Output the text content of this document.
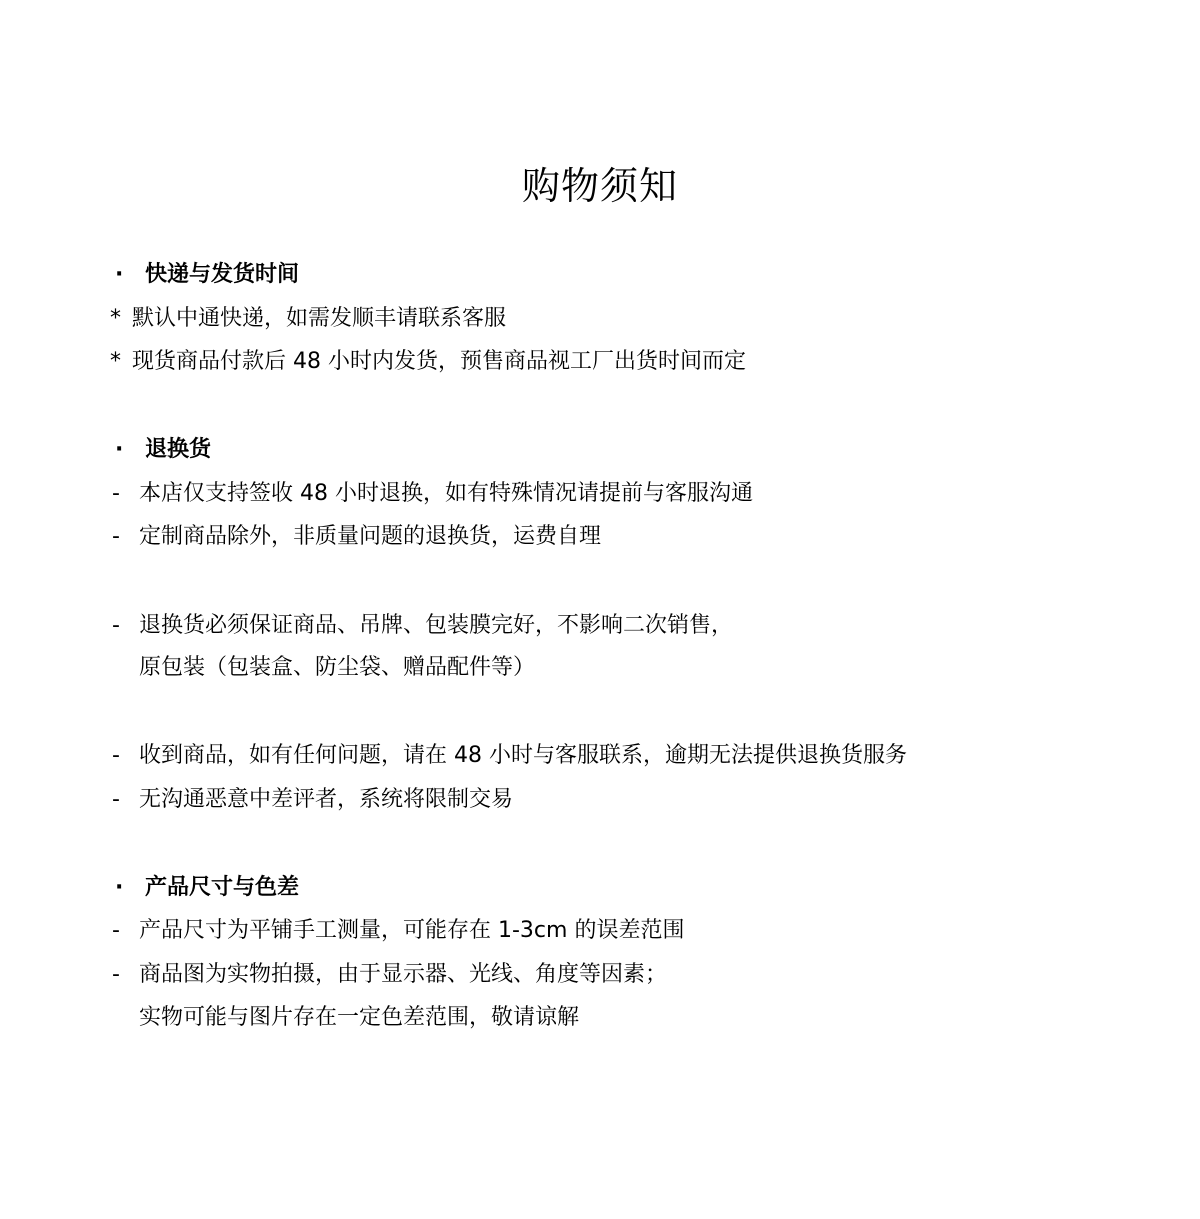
购物须知
· 快递与发货时间
* 默认中通快递，如需发顺丰请联系客服
* 现货商品付款后 48 小时内发货，预售商品视工厂出货时间而定
· 退换货
- 本店仅支持签收 48 小时退换，如有特殊情况请提前与客服沟通
- 定制商品除外，非质量问题的退换货，运费自理
- 退换货必须保证商品、吊牌、包装膜完好，不影响二次销售，
原包装（包装盒、防尘袋、赠品配件等）
- 收到商品，如有任何问题，请在 48 小时与客服联系，逾期无法提供退换货服务
- 无沟通恶意中差评者，系统将限制交易
· 产品尺寸与色差
- 产品尺寸为平铺手工测量，可能存在 1-3cm 的误差范围
- 商品图为实物拍摄，由于显示器、光线、角度等因素；
实物可能与图片存在一定色差范围，敬请谅解
